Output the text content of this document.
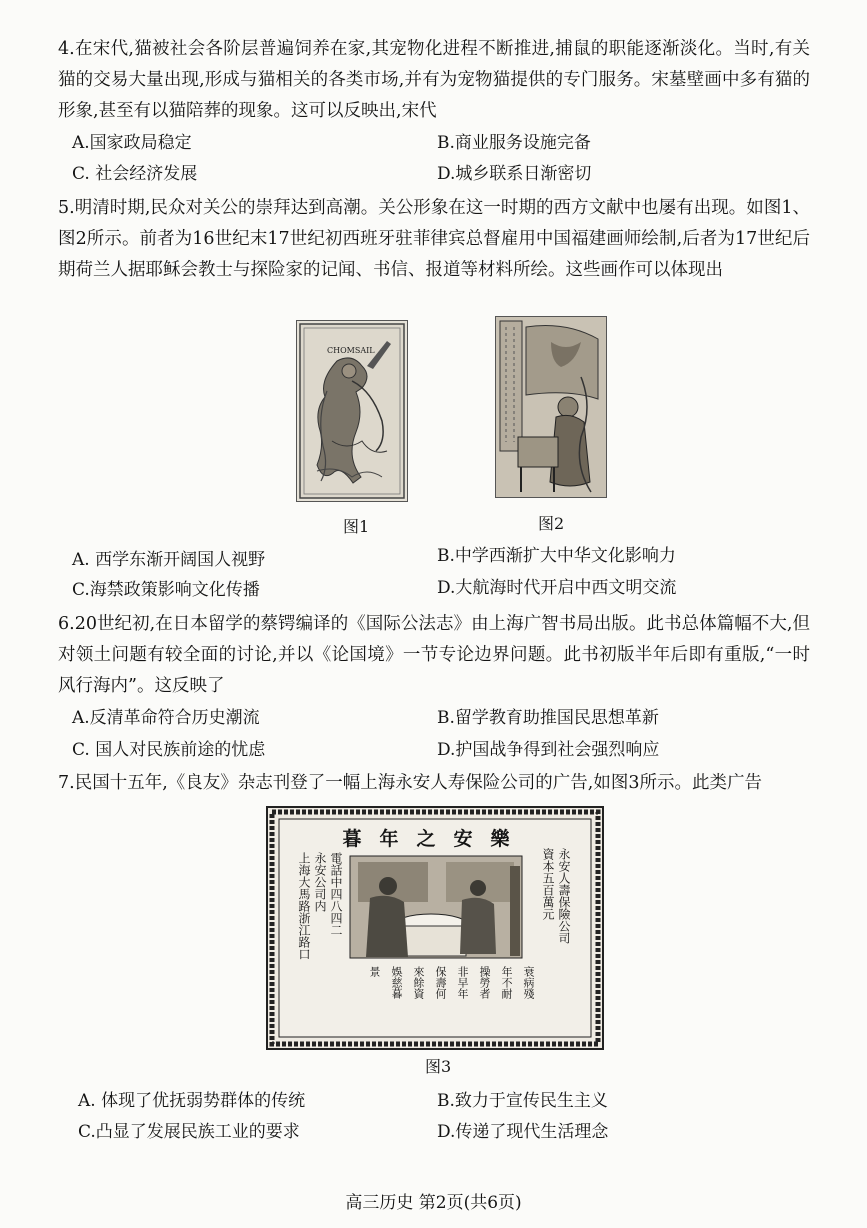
4.在宋代,猫被社会各阶层普遍饲养在家,其宠物化进程不断推进,捕鼠的职能逐渐淡化。当时,有关猫的交易大量出现,形成与猫相关的各类市场,并有为宠物猫提供的专门服务。宋墓壁画中多有猫的形象,甚至有以猫陪葬的现象。这可以反映出,宋代
A.国家政局稳定	B.商业服务设施完备
C. 社会经济发展	D.城乡联系日渐密切
5.明清时期,民众对关公的崇拜达到高潮。关公形象在这一时期的西方文献中也屡有出现。如图1、图2所示。前者为16世纪末17世纪初西班牙驻菲律宾总督雇用中国福建画师绘制,后者为17世纪后期荷兰人据耶稣会教士与探险家的记闻、书信、报道等材料所绘。这些画作可以体现出
CHOMSAIL
图1	图2
A. 西学东渐开阔国人视野	B.中学西渐扩大中华文化影响力
C.海禁政策影响文化传播	D.大航海时代开启中西文明交流
6.20世纪初,在日本留学的蔡锷编译的《国际公法志》由上海广智书局出版。此书总体篇幅不大,但对领土问题有较全面的讨论,并以《论国境》一节专论边界问题。此书初版半年后即有重版,“一时风行海内”。这反映了
A.反清革命符合历史潮流	B.留学教育助推国民思想革新
C. 国人对民族前途的忧虑	D.护国战争得到社会强烈响应
7.民国十五年,《良友》杂志刊登了一幅上海永安人寿保险公司的广告,如图3所示。此类广告
暮年之安樂
上海大馬路浙江路口 永安公司内 電話中四八四二	永安人壽保險公司
資本五百萬元
衰病殘
年不耐
操勞者
非早年
保壽何
來餘資
娛慈暮
景
图3
A. 体现了优抚弱势群体的传统	B.致力于宣传民生主义
C.凸显了发展民族工业的要求	D.传递了现代生活理念
高三历史 第2页(共6页)
